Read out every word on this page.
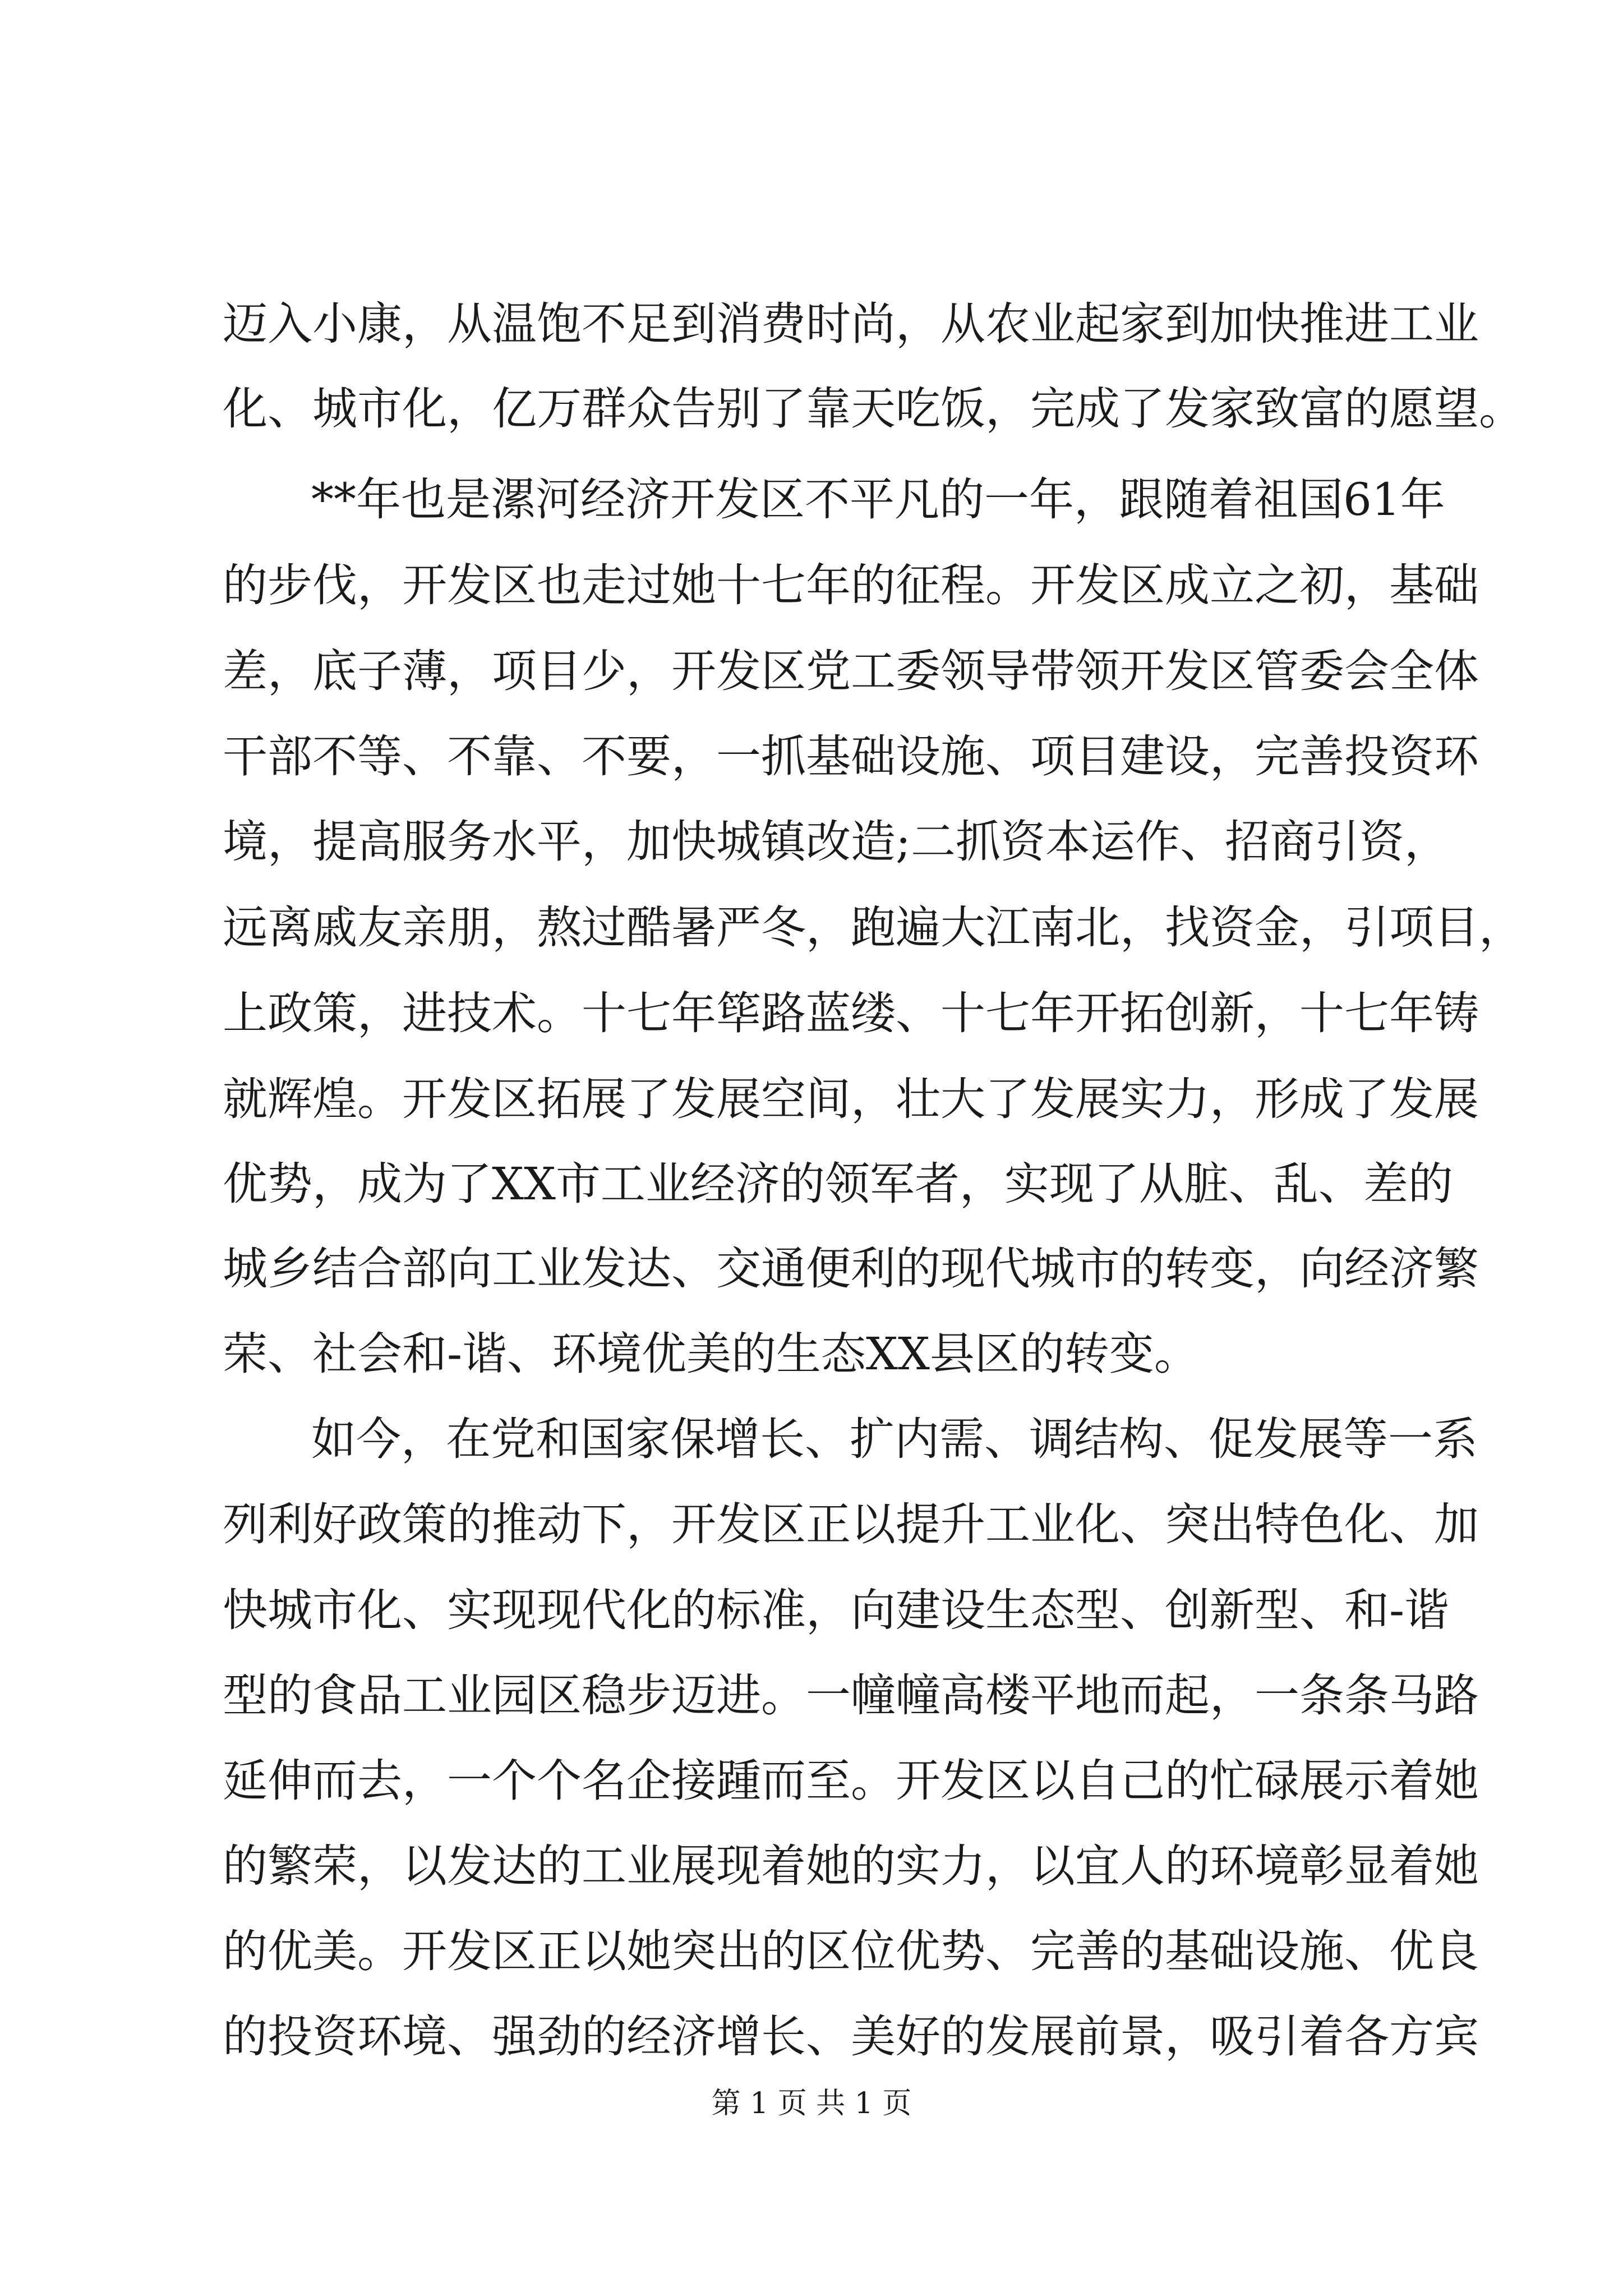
迈入小康，从温饱不足到消费时尚，从农业起家到加快推进工业
化、城市化，亿万群众告别了靠天吃饭，完成了发家致富的愿望。
**年也是漯河经济开发区不平凡的一年，跟随着祖国61年
的步伐，开发区也走过她十七年的征程。开发区成立之初，基础
差，底子薄，项目少，开发区党工委领导带领开发区管委会全体
干部不等、不靠、不要，一抓基础设施、项目建设，完善投资环
境，提高服务水平，加快城镇改造;二抓资本运作、招商引资，
远离戚友亲朋，熬过酷暑严冬，跑遍大江南北，找资金，引项目，
上政策，进技术。十七年筚路蓝缕、十七年开拓创新，十七年铸
就辉煌。开发区拓展了发展空间，壮大了发展实力，形成了发展
优势，成为了XX市工业经济的领军者，实现了从脏、乱、差的
城乡结合部向工业发达、交通便利的现代城市的转变，向经济繁
荣、社会和-谐、环境优美的生态XX县区的转变。
如今，在党和国家保增长、扩内需、调结构、促发展等一系
列利好政策的推动下，开发区正以提升工业化、突出特色化、加
快城市化、实现现代化的标准，向建设生态型、创新型、和-谐
型的食品工业园区稳步迈进。一幢幢高楼平地而起，一条条马路
延伸而去，一个个名企接踵而至。开发区以自己的忙碌展示着她
的繁荣，以发达的工业展现着她的实力，以宜人的环境彰显着她
的优美。开发区正以她突出的区位优势、完善的基础设施、优良
的投资环境、强劲的经济增长、美好的发展前景，吸引着各方宾
第 1 页 共 1 页
